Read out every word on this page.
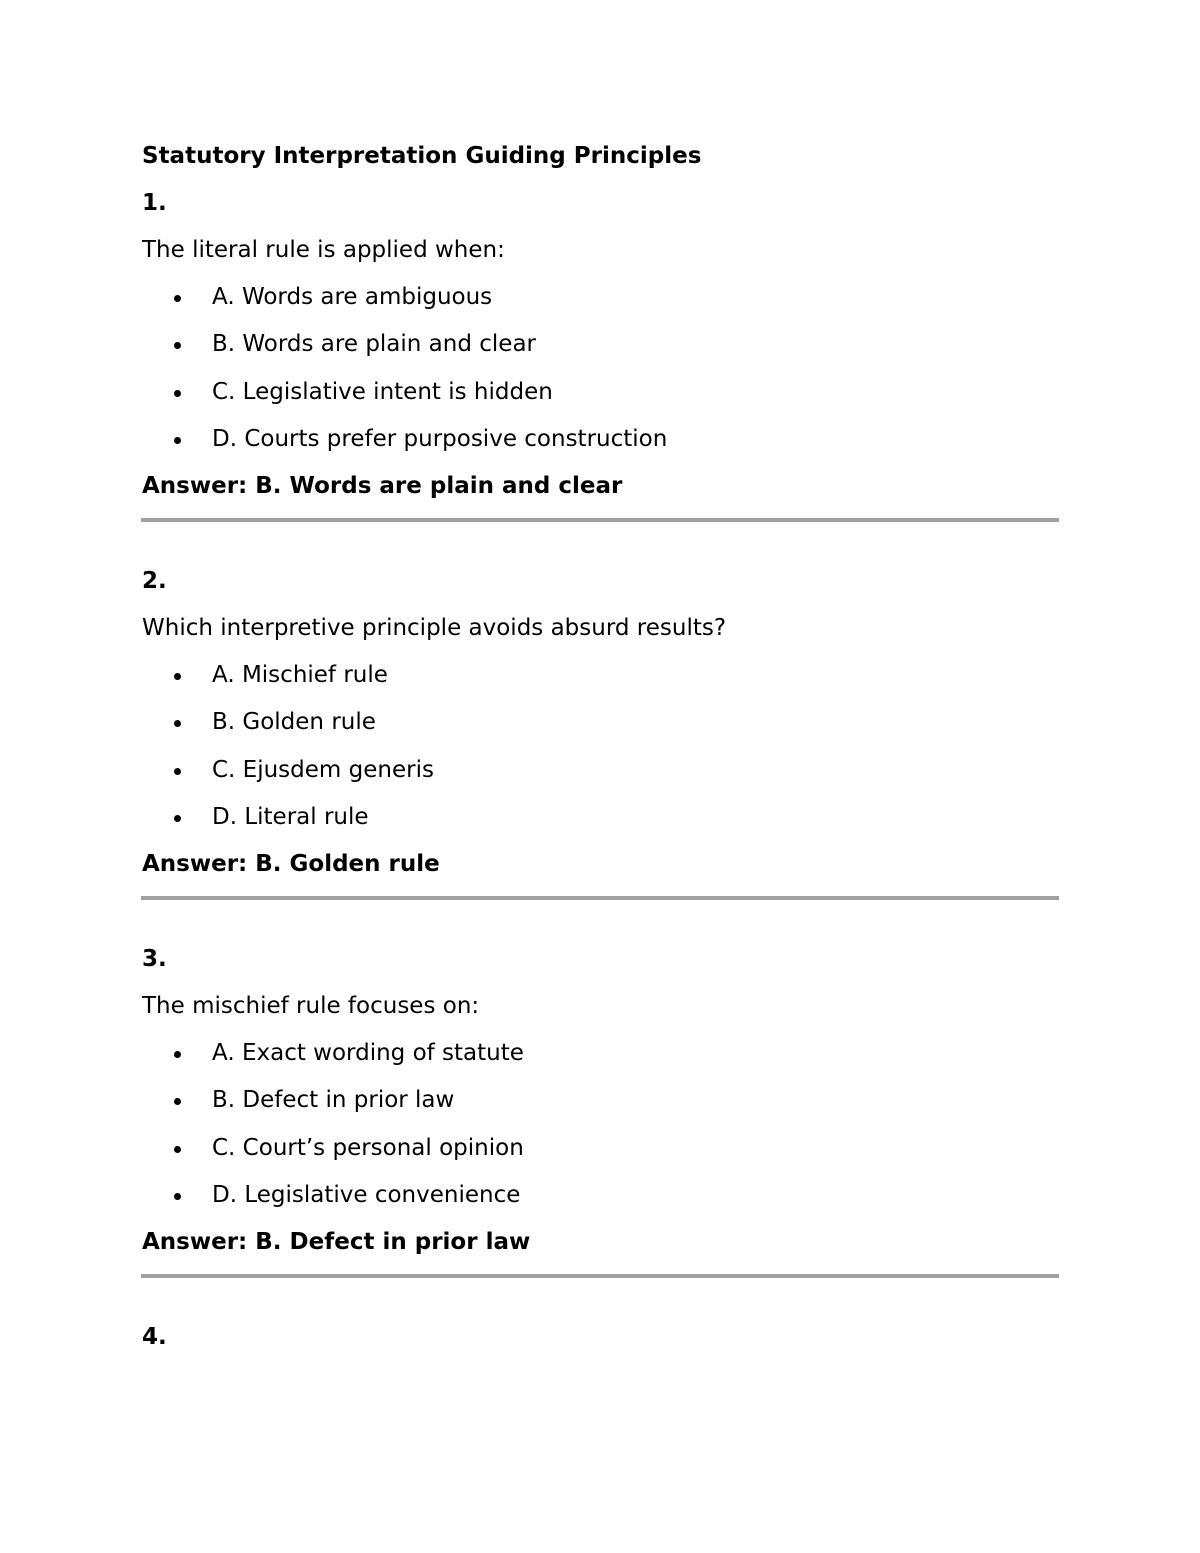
Statutory Interpretation Guiding Principles
1.
The literal rule is applied when:
A. Words are ambiguous
B. Words are plain and clear
C. Legislative intent is hidden
D. Courts prefer purposive construction
Answer: B. Words are plain and clear
2.
Which interpretive principle avoids absurd results?
A. Mischief rule
B. Golden rule
C. Ejusdem generis
D. Literal rule
Answer: B. Golden rule
3.
The mischief rule focuses on:
A. Exact wording of statute
B. Defect in prior law
C. Court’s personal opinion
D. Legislative convenience
Answer: B. Defect in prior law
4.
